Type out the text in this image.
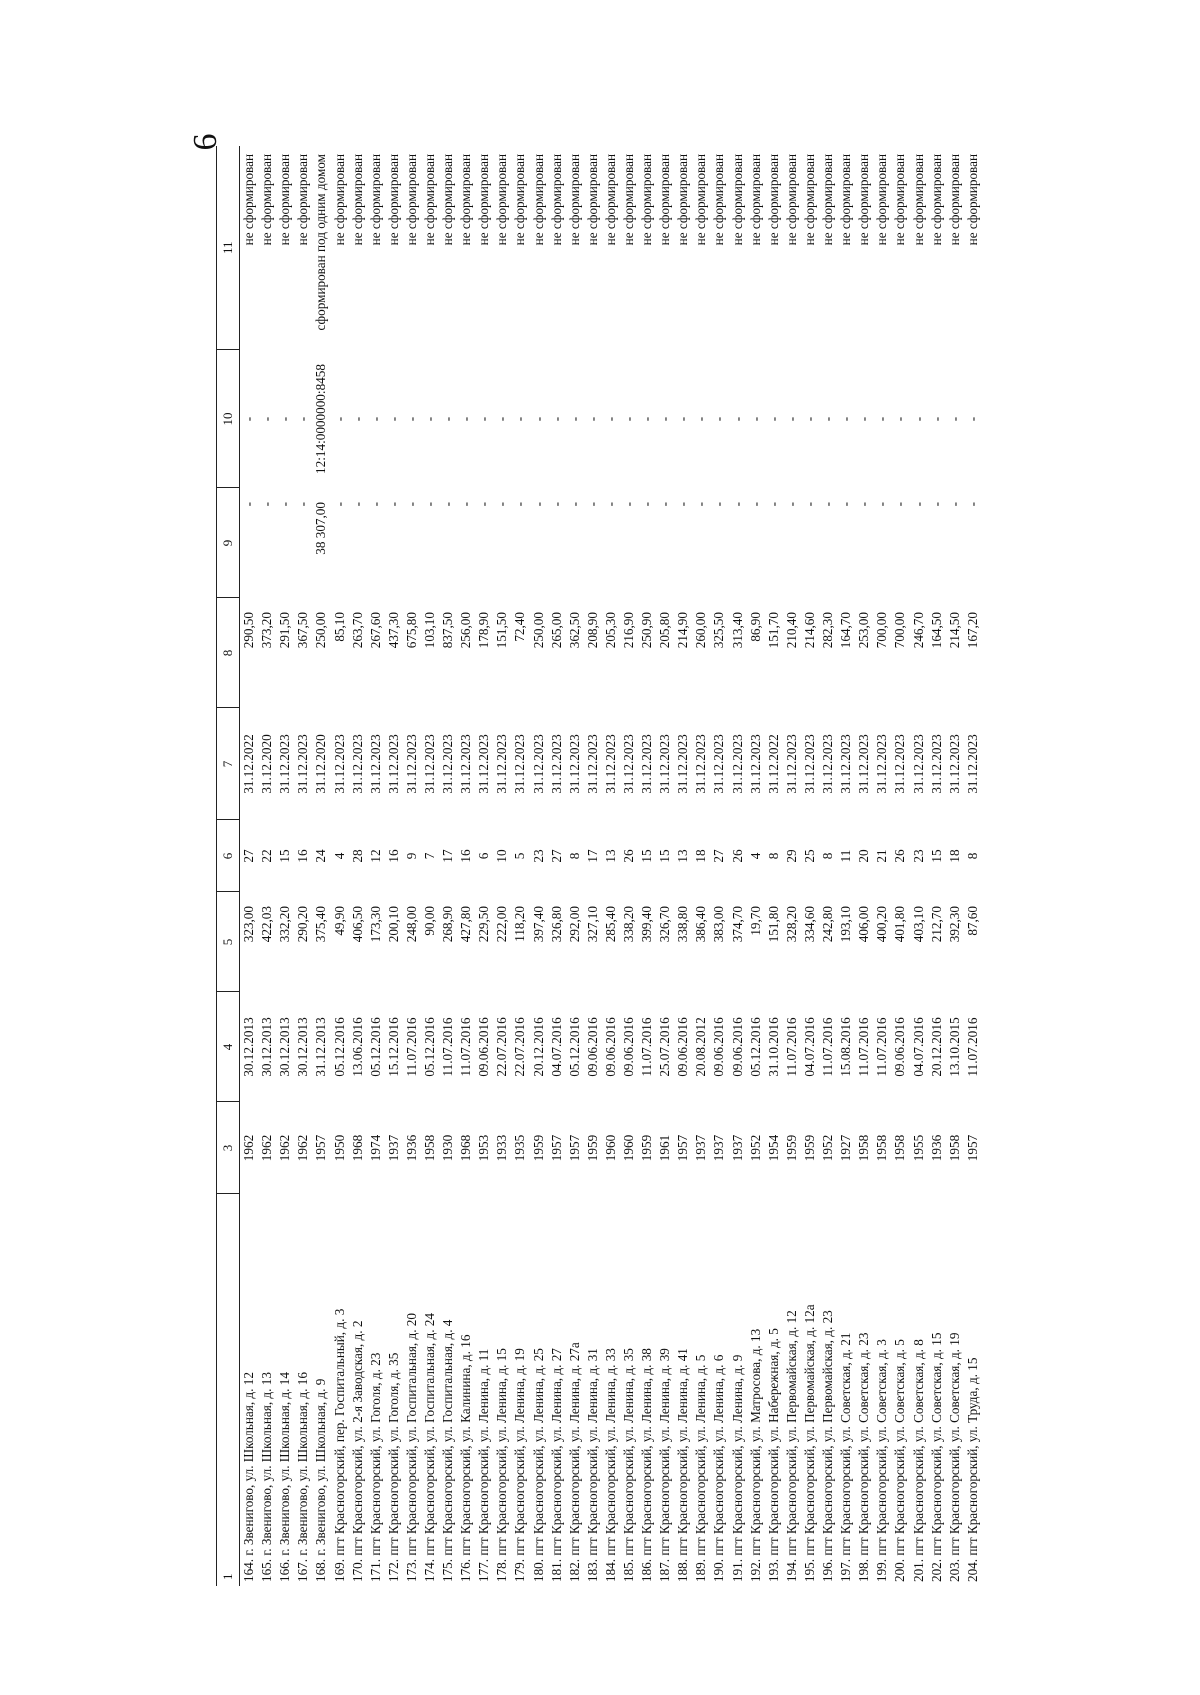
6
1	3	4	5	6	7	8	9	10	11
164. г. Звенигово, ул. Школьная, д. 12	1962	30.12.2013	323,00	27	31.12.2022	290,50	-	-	не сформирован
165. г. Звенигово, ул. Школьная, д. 13	1962	30.12.2013	422,03	22	31.12.2020	373,20	-	-	не сформирован
166. г. Звенигово, ул. Школьная, д. 14	1962	30.12.2013	332,20	15	31.12.2023	291,50	-	-	не сформирован
167. г. Звенигово, ул. Школьная, д. 16	1962	30.12.2013	290,20	16	31.12.2023	367,50	-	-	не сформирован
168. г. Звенигово, ул. Школьная, д. 9	1957	31.12.2013	375,40	24	31.12.2020	250,00	38 307,00	12:14:0000000:8458	сформирован под одним домом
169. пгт Красногорский, пер. Госпитальный, д. 3	1950	05.12.2016	49,90	4	31.12.2023	85,10	-	-	не сформирован
170. пгт Красногорский, ул. 2-я Заводская, д. 2	1968	13.06.2016	406,50	28	31.12.2023	263,70	-	-	не сформирован
171. пгт Красногорский, ул. Гоголя, д. 23	1974	05.12.2016	173,30	12	31.12.2023	267,60	-	-	не сформирован
172. пгт Красногорский, ул. Гоголя, д. 35	1937	15.12.2016	200,10	16	31.12.2023	437,30	-	-	не сформирован
173. пгт Красногорский, ул. Госпитальная, д. 20	1936	11.07.2016	248,00	9	31.12.2023	675,80	-	-	не сформирован
174. пгт Красногорский, ул. Госпитальная, д. 24	1958	05.12.2016	90,00	7	31.12.2023	103,10	-	-	не сформирован
175. пгт Красногорский, ул. Госпитальная, д. 4	1930	11.07.2016	268,90	17	31.12.2023	837,50	-	-	не сформирован
176. пгт Красногорский, ул. Калинина, д. 16	1968	11.07.2016	427,80	16	31.12.2023	256,00	-	-	не сформирован
177. пгт Красногорский, ул. Ленина, д. 11	1953	09.06.2016	229,50	6	31.12.2023	178,90	-	-	не сформирован
178. пгт Красногорский, ул. Ленина, д. 15	1933	22.07.2016	222,00	10	31.12.2023	151,50	-	-	не сформирован
179. пгт Красногорский, ул. Ленина, д. 19	1935	22.07.2016	118,20	5	31.12.2023	72,40	-	-	не сформирован
180. пгт Красногорский, ул. Ленина, д. 25	1959	20.12.2016	397,40	23	31.12.2023	250,00	-	-	не сформирован
181. пгт Красногорский, ул. Ленина, д. 27	1957	04.07.2016	326,80	27	31.12.2023	265,00	-	-	не сформирован
182. пгт Красногорский, ул. Ленина, д. 27а	1957	05.12.2016	292,00	8	31.12.2023	362,50	-	-	не сформирован
183. пгт Красногорский, ул. Ленина, д. 31	1959	09.06.2016	327,10	17	31.12.2023	208,90	-	-	не сформирован
184. пгт Красногорский, ул. Ленина, д. 33	1960	09.06.2016	285,40	13	31.12.2023	205,30	-	-	не сформирован
185. пгт Красногорский, ул. Ленина, д. 35	1960	09.06.2016	338,20	26	31.12.2023	216,90	-	-	не сформирован
186. пгт Красногорский, ул. Ленина, д. 38	1959	11.07.2016	399,40	15	31.12.2023	250,90	-	-	не сформирован
187. пгт Красногорский, ул. Ленина, д. 39	1961	25.07.2016	326,70	15	31.12.2023	205,80	-	-	не сформирован
188. пгт Красногорский, ул. Ленина, д. 41	1957	09.06.2016	338,80	13	31.12.2023	214,90	-	-	не сформирован
189. пгт Красногорский, ул. Ленина, д. 5	1937	20.08.2012	386,40	18	31.12.2023	260,00	-	-	не сформирован
190. пгт Красногорский, ул. Ленина, д. 6	1937	09.06.2016	383,00	27	31.12.2023	325,50	-	-	не сформирован
191. пгт Красногорский, ул. Ленина, д. 9	1937	09.06.2016	374,70	26	31.12.2023	313,40	-	-	не сформирован
192. пгт Красногорский, ул. Матросова, д. 13	1952	05.12.2016	19,70	4	31.12.2023	86,90	-	-	не сформирован
193. пгт Красногорский, ул. Набережная, д. 5	1954	31.10.2016	151,80	8	31.12.2022	151,70	-	-	не сформирован
194. пгт Красногорский, ул. Первомайская, д. 12	1959	11.07.2016	328,20	29	31.12.2023	210,40	-	-	не сформирован
195. пгт Красногорский, ул. Первомайская, д. 12а	1959	04.07.2016	334,60	25	31.12.2023	214,60	-	-	не сформирован
196. пгт Красногорский, ул. Первомайская, д. 23	1952	11.07.2016	242,80	8	31.12.2023	282,30	-	-	не сформирован
197. пгт Красногорский, ул. Советская, д. 21	1927	15.08.2016	193,10	11	31.12.2023	164,70	-	-	не сформирован
198. пгт Красногорский, ул. Советская, д. 23	1958	11.07.2016	406,00	20	31.12.2023	253,00	-	-	не сформирован
199. пгт Красногорский, ул. Советская, д. 3	1958	11.07.2016	400,20	21	31.12.2023	700,00	-	-	не сформирован
200. пгт Красногорский, ул. Советская, д. 5	1958	09.06.2016	401,80	26	31.12.2023	700,00	-	-	не сформирован
201. пгт Красногорский, ул. Советская, д. 8	1955	04.07.2016	403,10	23	31.12.2023	246,70	-	-	не сформирован
202. пгт Красногорский, ул. Советская, д. 15	1936	20.12.2016	212,70	15	31.12.2023	164,50	-	-	не сформирован
203. пгт Красногорский, ул. Советская, д. 19	1958	13.10.2015	392,30	18	31.12.2023	214,50	-	-	не сформирован
204. пгт Красногорский, ул. Труда, д. 15	1957	11.07.2016	87,60	8	31.12.2023	167,20	-	-	не сформирован
